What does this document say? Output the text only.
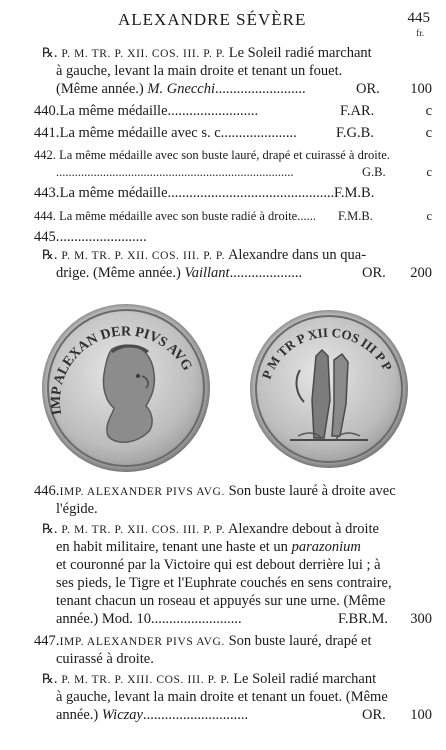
ALEXANDRE SÉVÈRE	445
fr.
℞. P. M. TR. P. XII. COS. III. P. P. Le Soleil radié marchant
à gauche, levant la main droite et tenant un fouet.
(Même année.) M. Gnecchi.........................	OR. 100
440. La même médaille.........................	F.AR.	c
441. La même médaille avec s. c.....................	F.G.B.	c
442. La même médaille avec son buste lauré, drapé et cuirassé à droite.
............................................................................	G.B.	c
443. La même médaille.............................................. F.M.B.
444. La même médaille avec son buste radié à droite...... F.M.B.	c
445. ........................
℞. P. M. TR. P. XII. COS. III. P. P. Alexandre dans un qua-
drige. (Même année.) Vaillant....................	OR. 200
IMP ALEXAN DER PIVS AVG
P M TR P XII COS III P P
446. IMP. ALEXANDER PIVS AVG. Son buste lauré à droite avec
l'égide.
℞. P. M. TR. P. XII. COS. III. P. P. Alexandre debout à droite
en habit militaire, tenant une haste et un parazonium
et couronné par la Victoire qui est debout derrière lui ; à
ses pieds, le Tigre et l'Euphrate couchés en sens contraire,
tenant chacun un roseau et appuyés sur une urne. (Même
année.) Mod. 10.........................	F.BR.M. 300
447. IMP. ALEXANDER PIVS AVG. Son buste lauré, drapé et
cuirassé à droite.
℞. P. M. TR. P. XIII. COS. III. P. P. Le Soleil radié marchant
à gauche, levant la main droite et tenant un fouet. (Même
année.) Wiczay.............................	OR. 100
